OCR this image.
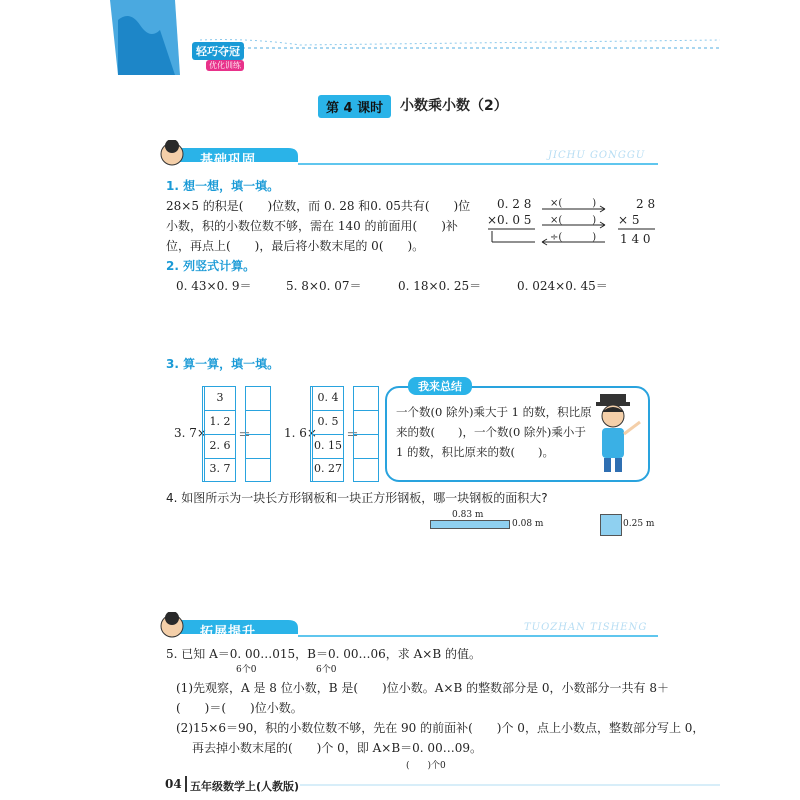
轻巧夺冠
优化训练
第 4 课时	小数乘小数（2）
基础巩固	JICHU GONGGU
1. 想一想，填一填。
28×5 的积是(　　)位数，而 0. 28 和0. 05共有(　　)位
小数，积的小数位数不够，需在 140 的前面用(　　)补
位，再点上(　　)，最后将小数末尾的 0(　　)。
0. 2 8
×0. 0 5
2 8
× 5
1 4 0
×(　　　)
×(　　　)
÷(　　　)
2. 列竖式计算。
0. 43×0. 9＝	5. 8×0. 07＝	0. 18×0. 25＝	0. 024×0. 45＝
3. 算一算，填一填。
3. 7×
3
1. 2
2. 6
3. 7
＝	1. 6×
0. 4
0. 5
0. 15
0. 27
＝
我来总结
一个数(0 除外)乘大于 1 的数，积比原
来的数(　　)，一个数(0 除外)乘小于
1 的数，积比原来的数(　　)。
4. 如图所示为一块长方形钢板和一块正方形钢板，哪一块钢板的面积大?
0.83 m
0.08 m	0.25 m
拓展提升	TUOZHAN TISHENG
5. 已知 A＝0. 00…015，B＝0. 00…06，求 A×B 的值。
6个0	6个0
(1)先观察，A 是 8 位小数，B 是(　　)位小数。A×B 的整数部分是 0，小数部分一共有 8＋
(　　)＝(　　)位小数。
(2)15×6＝90，积的小数位数不够，先在 90 的前面补(　　)个 0，点上小数点，整数部分写上 0，
再去掉小数末尾的(　　)个 0，即 A×B＝0. 00…09。
(　　)个0
04 五年级数学上(人教版)
